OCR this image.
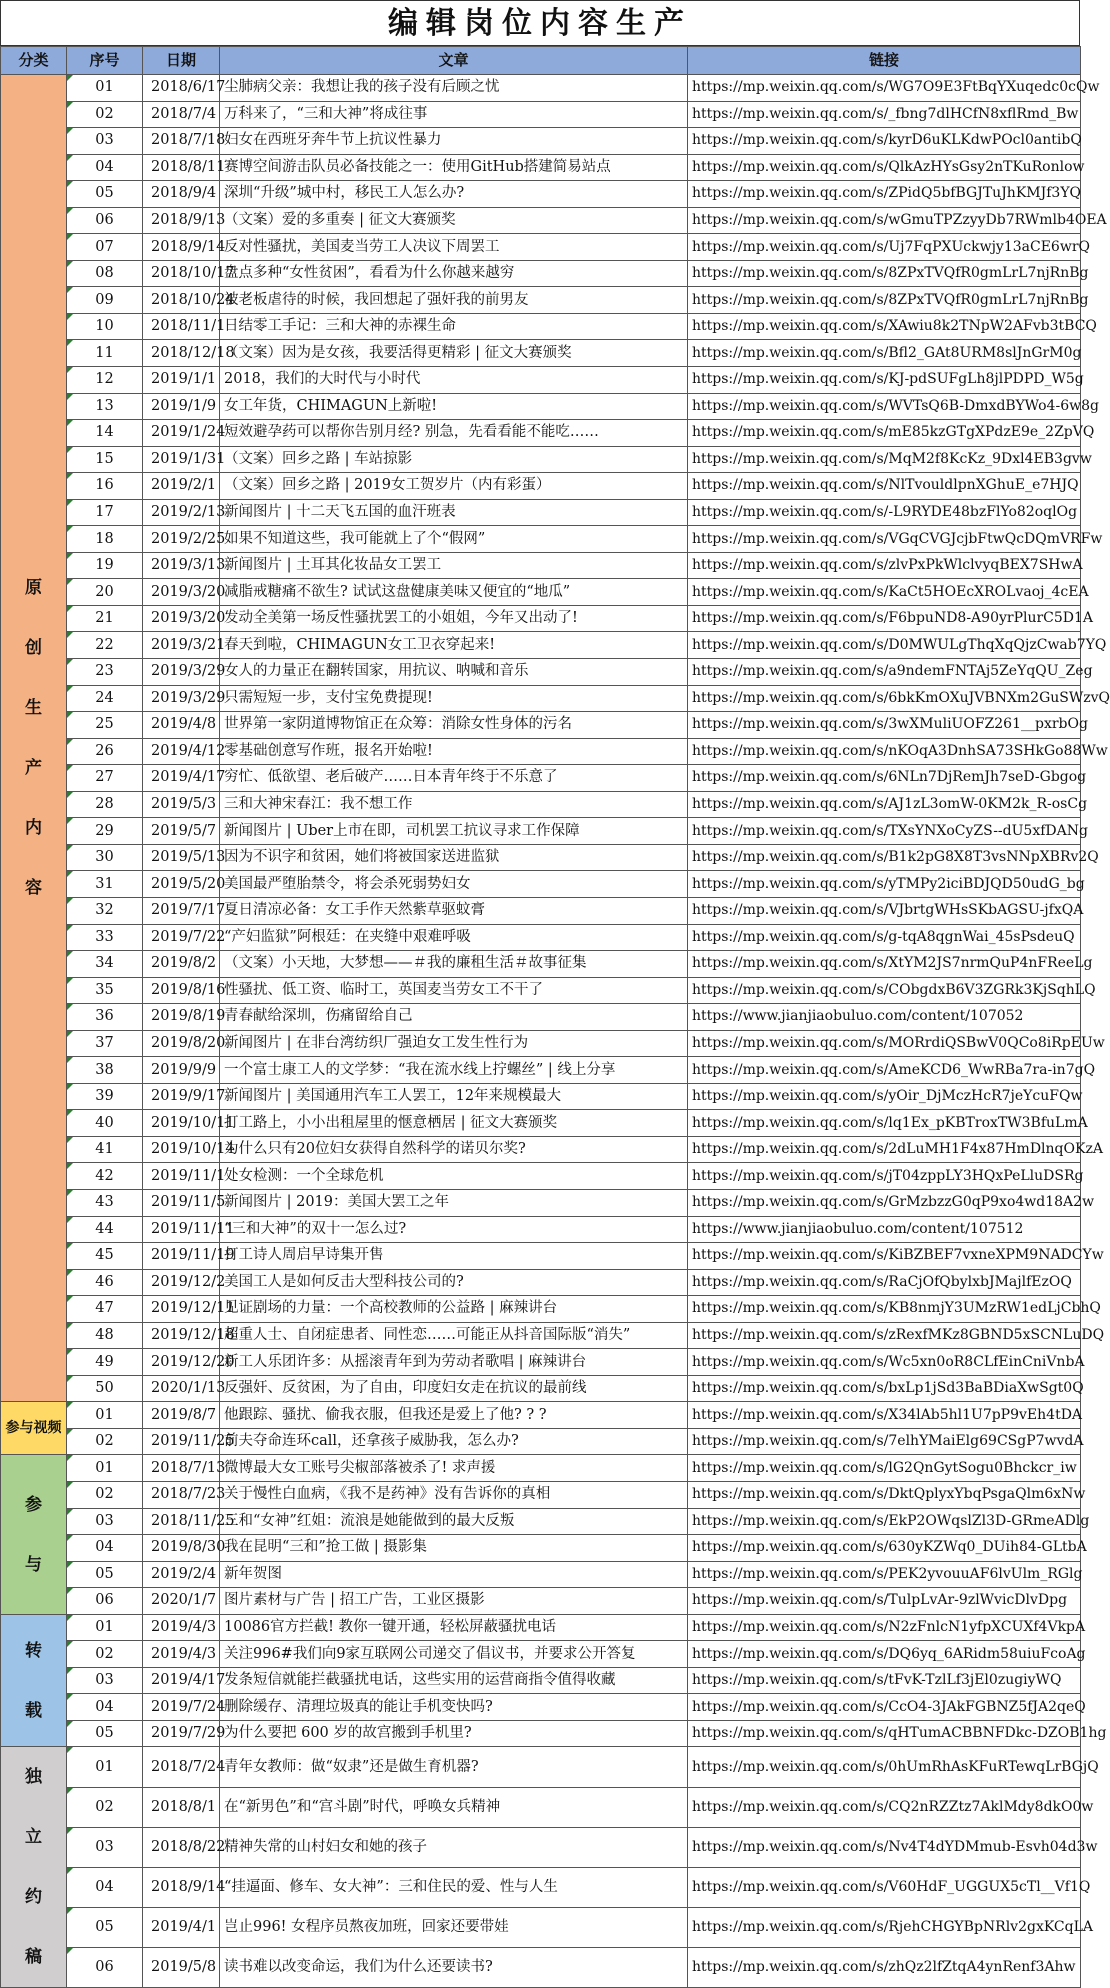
编辑岗位内容生产
分类	序号	日期	文章	链接
原创生产内容	01	2018/6/17	尘肺病父亲：我想让我的孩子没有后顾之忧	https://mp.weixin.qq.com/s/WG7O9E3FtBqYXuqedc0cQw

02	2018/7/4	万科来了，“三和大神”将成往事	https://mp.weixin.qq.com/s/_fbng7dlHCfN8xflRmd_Bw

03	2018/7/18	妇女在西班牙奔牛节上抗议性暴力	https://mp.weixin.qq.com/s/kyrD6uKLKdwPOcl0antibQ

04	2018/8/11	赛博空间游击队员必备技能之一：使用GitHub搭建简易站点	https://mp.weixin.qq.com/s/QlkAzHYsGsy2nTKuRonlow

05	2018/9/4	深圳“升级”城中村，移民工人怎么办?	https://mp.weixin.qq.com/s/ZPidQ5bfBGJTuJhKMJf3YQ

06	2018/9/13	（文案）爱的多重奏 | 征文大赛颁奖	https://mp.weixin.qq.com/s/wGmuTPZzyyDb7RWmlb4OEA

07	2018/9/14	反对性骚扰，美国麦当劳工人决议下周罢工	https://mp.weixin.qq.com/s/Uj7FqPXUckwjy13aCE6wrQ

08	2018/10/17	盘点多种“女性贫困”，看看为什么你越来越穷	https://mp.weixin.qq.com/s/8ZPxTVQfR0gmLrL7njRnBg

09	2018/10/24	被老板虐待的时候，我回想起了强奸我的前男友	https://mp.weixin.qq.com/s/8ZPxTVQfR0gmLrL7njRnBg

10	2018/11/1	日结零工手记：三和大神的赤裸生命	https://mp.weixin.qq.com/s/XAwiu8k2TNpW2AFvb3tBCQ

11	2018/12/18	（文案）因为是女孩，我要活得更精彩 | 征文大赛颁奖	https://mp.weixin.qq.com/s/Bfl2_GAt8URM8slJnGrM0g

12	2019/1/1	2018，我们的大时代与小时代	https://mp.weixin.qq.com/s/KJ-pdSUFgLh8jlPDPD_W5g

13	2019/1/9	女工年货，CHIMAGUN上新啦!	https://mp.weixin.qq.com/s/WVTsQ6B-DmxdBYWo4-6w8g

14	2019/1/24	短效避孕药可以帮你告别月经? 别急，先看看能不能吃……	https://mp.weixin.qq.com/s/mE85kzGTgXPdzE9e_2ZpVQ

15	2019/1/31	（文案）回乡之路 | 车站掠影	https://mp.weixin.qq.com/s/MqM2f8KcKz_9Dxl4EB3gvw

16	2019/2/1	（文案）回乡之路 | 2019女工贺岁片（内有彩蛋）	https://mp.weixin.qq.com/s/NlTvouldlpnXGhuE_e7HJQ

17	2019/2/13	新闻图片 | 十二天飞五国的血汗班表	https://mp.weixin.qq.com/s/-L9RYDE48bzFlYo82oqlOg

18	2019/2/25	如果不知道这些，我可能就上了个“假网”	https://mp.weixin.qq.com/s/VGqCVGJcjbFtwQcDQmVRFw

19	2019/3/13	新闻图片 | 土耳其化妆品女工罢工	https://mp.weixin.qq.com/s/zlvPxPkWlclvyqBEX7SHwA

20	2019/3/20	减脂戒糖痛不欲生? 试试这盘健康美味又便宜的“地瓜”	https://mp.weixin.qq.com/s/KaCt5HOEcXROLvaoj_4cEA

21	2019/3/20	发动全美第一场反性骚扰罢工的小姐姐，今年又出动了!	https://mp.weixin.qq.com/s/F6bpuND8-A90yrPlurC5D1A

22	2019/3/21	春天到啦，CHIMAGUN女工卫衣穿起来!	https://mp.weixin.qq.com/s/D0MWULgThqXqQjzCwab7YQ

23	2019/3/29	女人的力量正在翻转国家，用抗议、呐喊和音乐	https://mp.weixin.qq.com/s/a9ndemFNTAj5ZeYqQU_Zeg

24	2019/3/29	只需短短一步，支付宝免费提现!	https://mp.weixin.qq.com/s/6bkKmOXuJVBNXm2GuSWzvQ

25	2019/4/8	世界第一家阴道博物馆正在众筹：消除女性身体的污名	https://mp.weixin.qq.com/s/3wXMuliUOFZ261__pxrbOg

26	2019/4/12	零基础创意写作班，报名开始啦!	https://mp.weixin.qq.com/s/nKOqA3DnhSA73SHkGo88Ww

27	2019/4/17	穷忙、低欲望、老后破产……日本青年终于不乐意了	https://mp.weixin.qq.com/s/6NLn7DjRemJh7seD-Gbgog

28	2019/5/3	三和大神宋春江：我不想工作	https://mp.weixin.qq.com/s/AJ1zL3omW-0KM2k_R-osCg

29	2019/5/7	新闻图片 | Uber上市在即，司机罢工抗议寻求工作保障	https://mp.weixin.qq.com/s/TXsYNXoCyZS--dU5xfDANg

30	2019/5/13	因为不识字和贫困，她们将被国家送进监狱	https://mp.weixin.qq.com/s/B1k2pG8X8T3vsNNpXBRv2Q

31	2019/5/20	美国最严堕胎禁令，将会杀死弱势妇女	https://mp.weixin.qq.com/s/yTMPy2iciBDJQD50udG_bg

32	2019/7/17	夏日清凉必备：女工手作天然紫草驱蚊膏	https://mp.weixin.qq.com/s/VJbrtgWHsSKbAGSU-jfxQA

33	2019/7/22	“产妇监狱”阿根廷：在夹缝中艰难呼吸	https://mp.weixin.qq.com/s/g-tqA8qgnWai_45sPsdeuQ

34	2019/8/2	（文案）小天地，大梦想——＃我的廉租生活＃故事征集	https://mp.weixin.qq.com/s/XtYM2JS7nrmQuP4nFReeLg

35	2019/8/16	性骚扰、低工资、临时工，英国麦当劳女工不干了	https://mp.weixin.qq.com/s/CObgdxB6V3ZGRk3KjSqhLQ

36	2019/8/19	青春献给深圳，伤痛留给自己	https://www.jianjiaobuluo.com/content/107052

37	2019/8/20	新闻图片 | 在非台湾纺织厂强迫女工发生性行为	https://mp.weixin.qq.com/s/MORrdiQSBwV0QCo8iRpEUw

38	2019/9/9	一个富士康工人的文学梦：“我在流水线上拧螺丝” | 线上分享	https://mp.weixin.qq.com/s/AmeKCD6_WwRBa7ra-in7gQ

39	2019/9/17	新闻图片 | 美国通用汽车工人罢工，12年来规模最大	https://mp.weixin.qq.com/s/yOir_DjMczHcR7jeYcuFQw

40	2019/10/11	打工路上，小小出租屋里的惬意栖居 | 征文大赛颁奖	https://mp.weixin.qq.com/s/lq1Ex_pKBTroxTW3BfuLmA

41	2019/10/14	为什么只有20位妇女获得自然科学的诺贝尔奖?	https://mp.weixin.qq.com/s/2dLuMH1F4x87HmDlnqOKzA

42	2019/11/1	处女检测：一个全球危机	https://mp.weixin.qq.com/s/jT04zppLY3HQxPeLluDSRg

43	2019/11/5	新闻图片 | 2019：美国大罢工之年	https://mp.weixin.qq.com/s/GrMzbzzG0qP9xo4wd18A2w

44	2019/11/11	“三和大神”的双十一怎么过?	https://www.jianjiaobuluo.com/content/107512

45	2019/11/19	打工诗人周启早诗集开售	https://mp.weixin.qq.com/s/KiBZBEF7vxneXPM9NADCYw

46	2019/12/2	美国工人是如何反击大型科技公司的?	https://mp.weixin.qq.com/s/RaCjOfQbylxbJMajlfEzOQ

47	2019/12/11	见证剧场的力量：一个高校教师的公益路 | 麻辣讲台	https://mp.weixin.qq.com/s/KB8nmjY3UMzRW1edLjCbhQ

48	2019/12/18	超重人士、自闭症患者、同性恋……可能正从抖音国际版“消失”	https://mp.weixin.qq.com/s/zRexfMKz8GBND5xSCNLuDQ

49	2019/12/20	新工人乐团许多：从摇滚青年到为劳动者歌唱 | 麻辣讲台	https://mp.weixin.qq.com/s/Wc5xn0oR8CLfEinCniVnbA

50	2020/1/13	反强奸、反贫困，为了自由，印度妇女走在抗议的最前线	https://mp.weixin.qq.com/s/bxLp1jSd3BaBDiaXwSgt0Q
参与视频	01	2019/8/7	他跟踪、骚扰、偷我衣服，但我还是爱上了他? ? ?	https://mp.weixin.qq.com/s/X34lAb5hl1U7pP9vEh4tDA

02	2019/11/25	前夫夺命连环call，还拿孩子威胁我，怎么办?	https://mp.weixin.qq.com/s/7elhYMaiElg69CSgP7wvdA
参与	01	2018/7/13	微博最大女工账号尖椒部落被杀了! 求声援	https://mp.weixin.qq.com/s/lG2QnGytSogu0Bhckcr_iw

02	2018/7/23	关于慢性白血病，《我不是药神》没有告诉你的真相	https://mp.weixin.qq.com/s/DktQplyxYbqPsgaQlm6xNw

03	2018/11/25	三和“女神”红姐：流浪是她能做到的最大反叛	https://mp.weixin.qq.com/s/EkP2OWqslZl3D-GRmeADlg

04	2019/8/30	我在昆明“三和”抢工做 | 摄影集	https://mp.weixin.qq.com/s/630yKZWq0_DUih84-GLtbA

05	2019/2/4	新年贺图	https://mp.weixin.qq.com/s/PEK2yvouuAF6lvUlm_RGlg

06	2020/1/7	图片素材与广告 | 招工广告，工业区摄影	https://mp.weixin.qq.com/s/TulpLvAr-9zlWvicDlvDpg
转载	01	2019/4/3	10086官方拦截! 教你一键开通，轻松屏蔽骚扰电话	https://mp.weixin.qq.com/s/N2zFnlcN1yfpXCUXf4VkpA

02	2019/4/3	关注996#我们向9家互联网公司递交了倡议书，并要求公开答复	https://mp.weixin.qq.com/s/DQ6yq_6ARidm58uiuFcoAg

03	2019/4/17	发条短信就能拦截骚扰电话，这些实用的运营商指令值得收藏	https://mp.weixin.qq.com/s/tFvK-TzlLf3jEl0zugiyWQ

04	2019/7/24	删除缓存、清理垃圾真的能让手机变快吗?	https://mp.weixin.qq.com/s/CcO4-3JAkFGBNZ5fJA2qeQ

05	2019/7/29	为什么要把 600 岁的故宫搬到手机里?	https://mp.weixin.qq.com/s/qHTumACBBNFDkc-DZOB1hg
独立约稿	01	2018/7/24	青年女教师：做“奴隶”还是做生育机器?	https://mp.weixin.qq.com/s/0hUmRhAsKFuRTewqLrBGjQ

02	2018/8/1	在“新男色”和“宫斗剧”时代，呼唤女兵精神	https://mp.weixin.qq.com/s/CQ2nRZZtz7AklMdy8dkO0w

03	2018/8/22	精神失常的山村妇女和她的孩子	https://mp.weixin.qq.com/s/Nv4T4dYDMmub-Esvh04d3w

04	2018/9/14	“挂逼面、修车、女大神”：三和住民的爱、性与人生	https://mp.weixin.qq.com/s/V60HdF_UGGUX5cTl__Vf1Q

05	2019/4/1	岂止996! 女程序员熬夜加班，回家还要带娃	https://mp.weixin.qq.com/s/RjehCHGYBpNRlv2gxKCqLA

06	2019/5/8	读书难以改变命运，我们为什么还要读书?	https://mp.weixin.qq.com/s/zhQz2lfZtqA4ynRenf3Ahw
